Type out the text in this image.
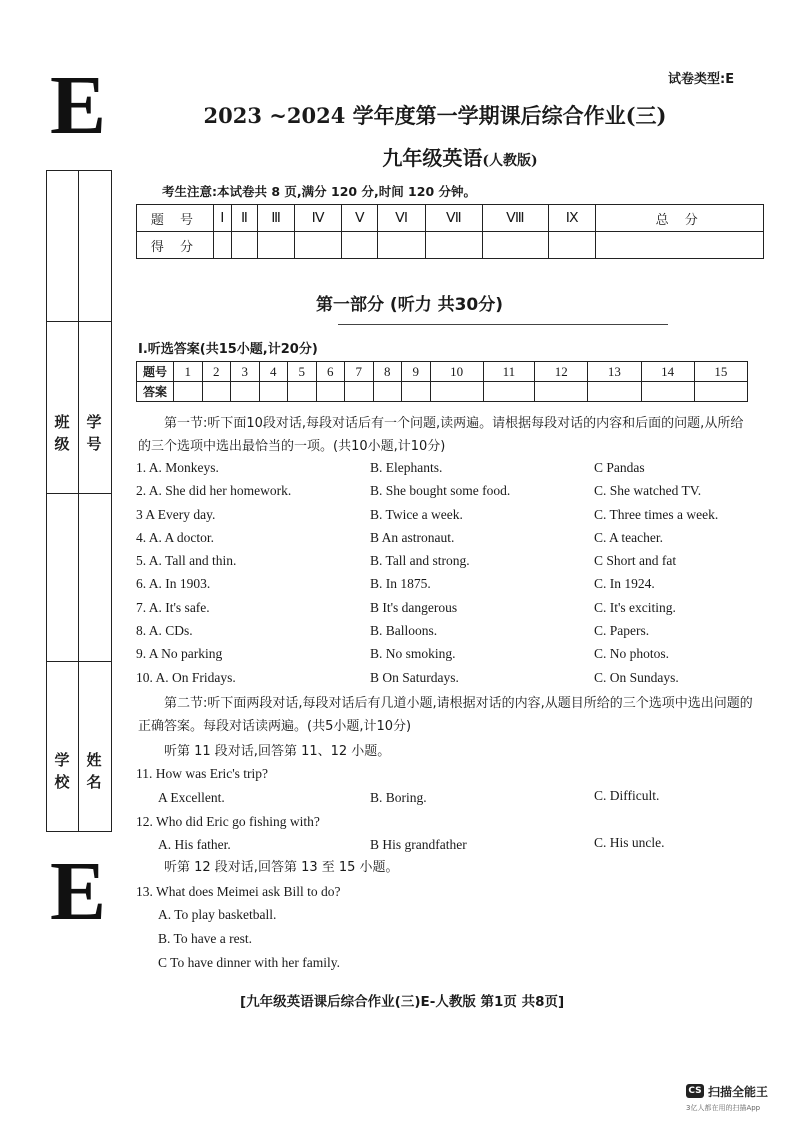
E
E
试卷类型:E
2023 ~2024 学年度第一学期课后综合作业(三)
九年级英语(人教版)
考生注意:本试卷共 8 页,满分 120 分,时间 120 分钟。
题 号	Ⅰ	Ⅱ	Ⅲ	Ⅳ	Ⅴ	Ⅵ	Ⅶ	Ⅷ	Ⅸ	总 分
得 分										
班 级
学 号
学 校
姓 名
第一部分 (听力 共30分)
Ⅰ.听选答案(共15小题,计20分)
题号	1	2	3	4	5	6	7	8	9	10	11	12	13	14	15
答案															
第一节:听下面10段对话,每段对话后有一个问题,读两遍。请根据每段对话的内容和后面的问题,从所给的三个选项中选出最恰当的一项。(共10小题,计10分)
1. A. Monkeys.	B. Elephants.	C Pandas
2. A. She did her homework.	B. She bought some food.	C. She watched TV.
3 A Every day.	B. Twice a week.	C. Three times a week.
4. A. A doctor.	B An astronaut.	C. A teacher.
5. A. Tall and thin.	B. Tall and strong.	C Short and fat
6. A. In 1903.	B. In 1875.	C. In 1924.
7. A. It's safe.	B It's dangerous	C. It's exciting.
8. A. CDs.	B. Balloons.	C. Papers.
9. A No parking	B. No smoking.	C. No photos.
10. A. On Fridays.	B On Saturdays.	C. On Sundays.
第二节:听下面两段对话,每段对话后有几道小题,请根据对话的内容,从题目所给的三个选项中选出问题的正确答案。每段对话读两遍。(共5小题,计10分)
听第 11 段对话,回答第 11、12 小题。
11. How was Eric's trip?
A Excellent.	B. Boring.	C. Difficult.
12. Who did Eric go fishing with?
A. His father.	B His grandfather	C. His uncle.
听第 12 段对话,回答第 13 至 15 小题。
13. What does Meimei ask Bill to do?
A. To play basketball.
B. To have a rest.
C To have dinner with her family.
[九年级英语课后综合作业(三)E-人教版 第1页 共8页]
CS 扫描全能王
3亿人都在用的扫描App
